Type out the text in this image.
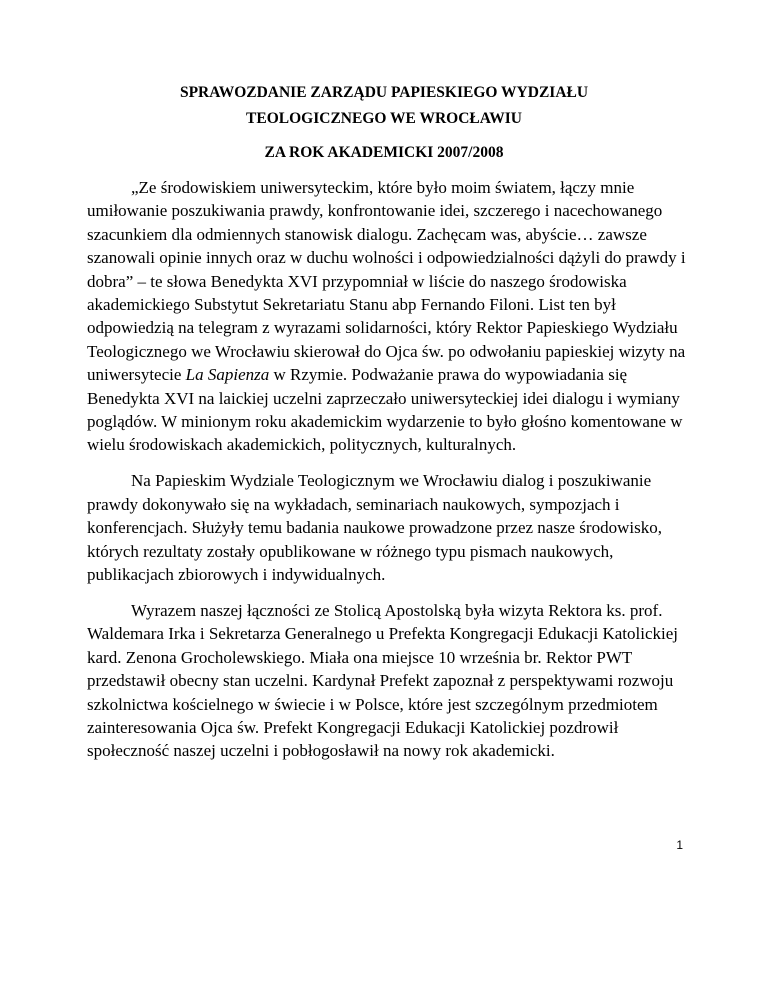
SPRAWOZDANIE ZARZĄDU PAPIESKIEGO WYDZIAŁU
TEOLOGICZNEGO WE WROCŁAWIU
ZA ROK AKADEMICKI 2007/2008

„Ze środowiskiem uniwersyteckim, które było moim światem, łączy mnie umiłowanie poszukiwania prawdy, konfrontowanie idei, szczerego i nacechowanego szacunkiem dla odmiennych stanowisk dialogu. Zachęcam was, abyście… zawsze szanowali opinie innych oraz w duchu wolności i odpowiedzialności dążyli do prawdy i dobra” – te słowa Benedykta XVI przypomniał w liście do naszego środowiska akademickiego Substytut Sekretariatu Stanu abp Fernando Filoni. List ten był odpowiedzią na telegram z wyrazami solidarności, który Rektor Papieskiego Wydziału Teologicznego we Wrocławiu skierował do Ojca św. po odwołaniu papieskiej wizyty na uniwersytecie La Sapienza w Rzymie. Podważanie prawa do wypowiadania się Benedykta XVI na laickiej uczelni zaprzeczało uniwersyteckiej idei dialogu i wymiany poglądów. W minionym roku akademickim wydarzenie to było głośno komentowane w wielu środowiskach akademickich, politycznych, kulturalnych.

Na Papieskim Wydziale Teologicznym we Wrocławiu dialog i poszukiwanie prawdy dokonywało się na wykładach, seminariach naukowych, sympozjach i konferencjach. Służyły temu badania naukowe prowadzone przez nasze środowisko, których rezultaty zostały opublikowane w różnego typu pismach naukowych, publikacjach zbiorowych i indywidualnych.

Wyrazem naszej łączności ze Stolicą Apostolską była wizyta Rektora ks. prof. Waldemara Irka i Sekretarza Generalnego u Prefekta Kongregacji Edukacji Katolickiej kard. Zenona Grocholewskiego. Miała ona miejsce 10 września br. Rektor PWT przedstawił obecny stan uczelni. Kardynał Prefekt zapoznał z perspektywami rozwoju szkolnictwa kościelnego w świecie i w Polsce, które jest szczególnym przedmiotem zainteresowania Ojca św. Prefekt Kongregacji Edukacji Katolickiej pozdrowił społeczność naszej uczelni i pobłogosławił na nowy rok akademicki.

1
